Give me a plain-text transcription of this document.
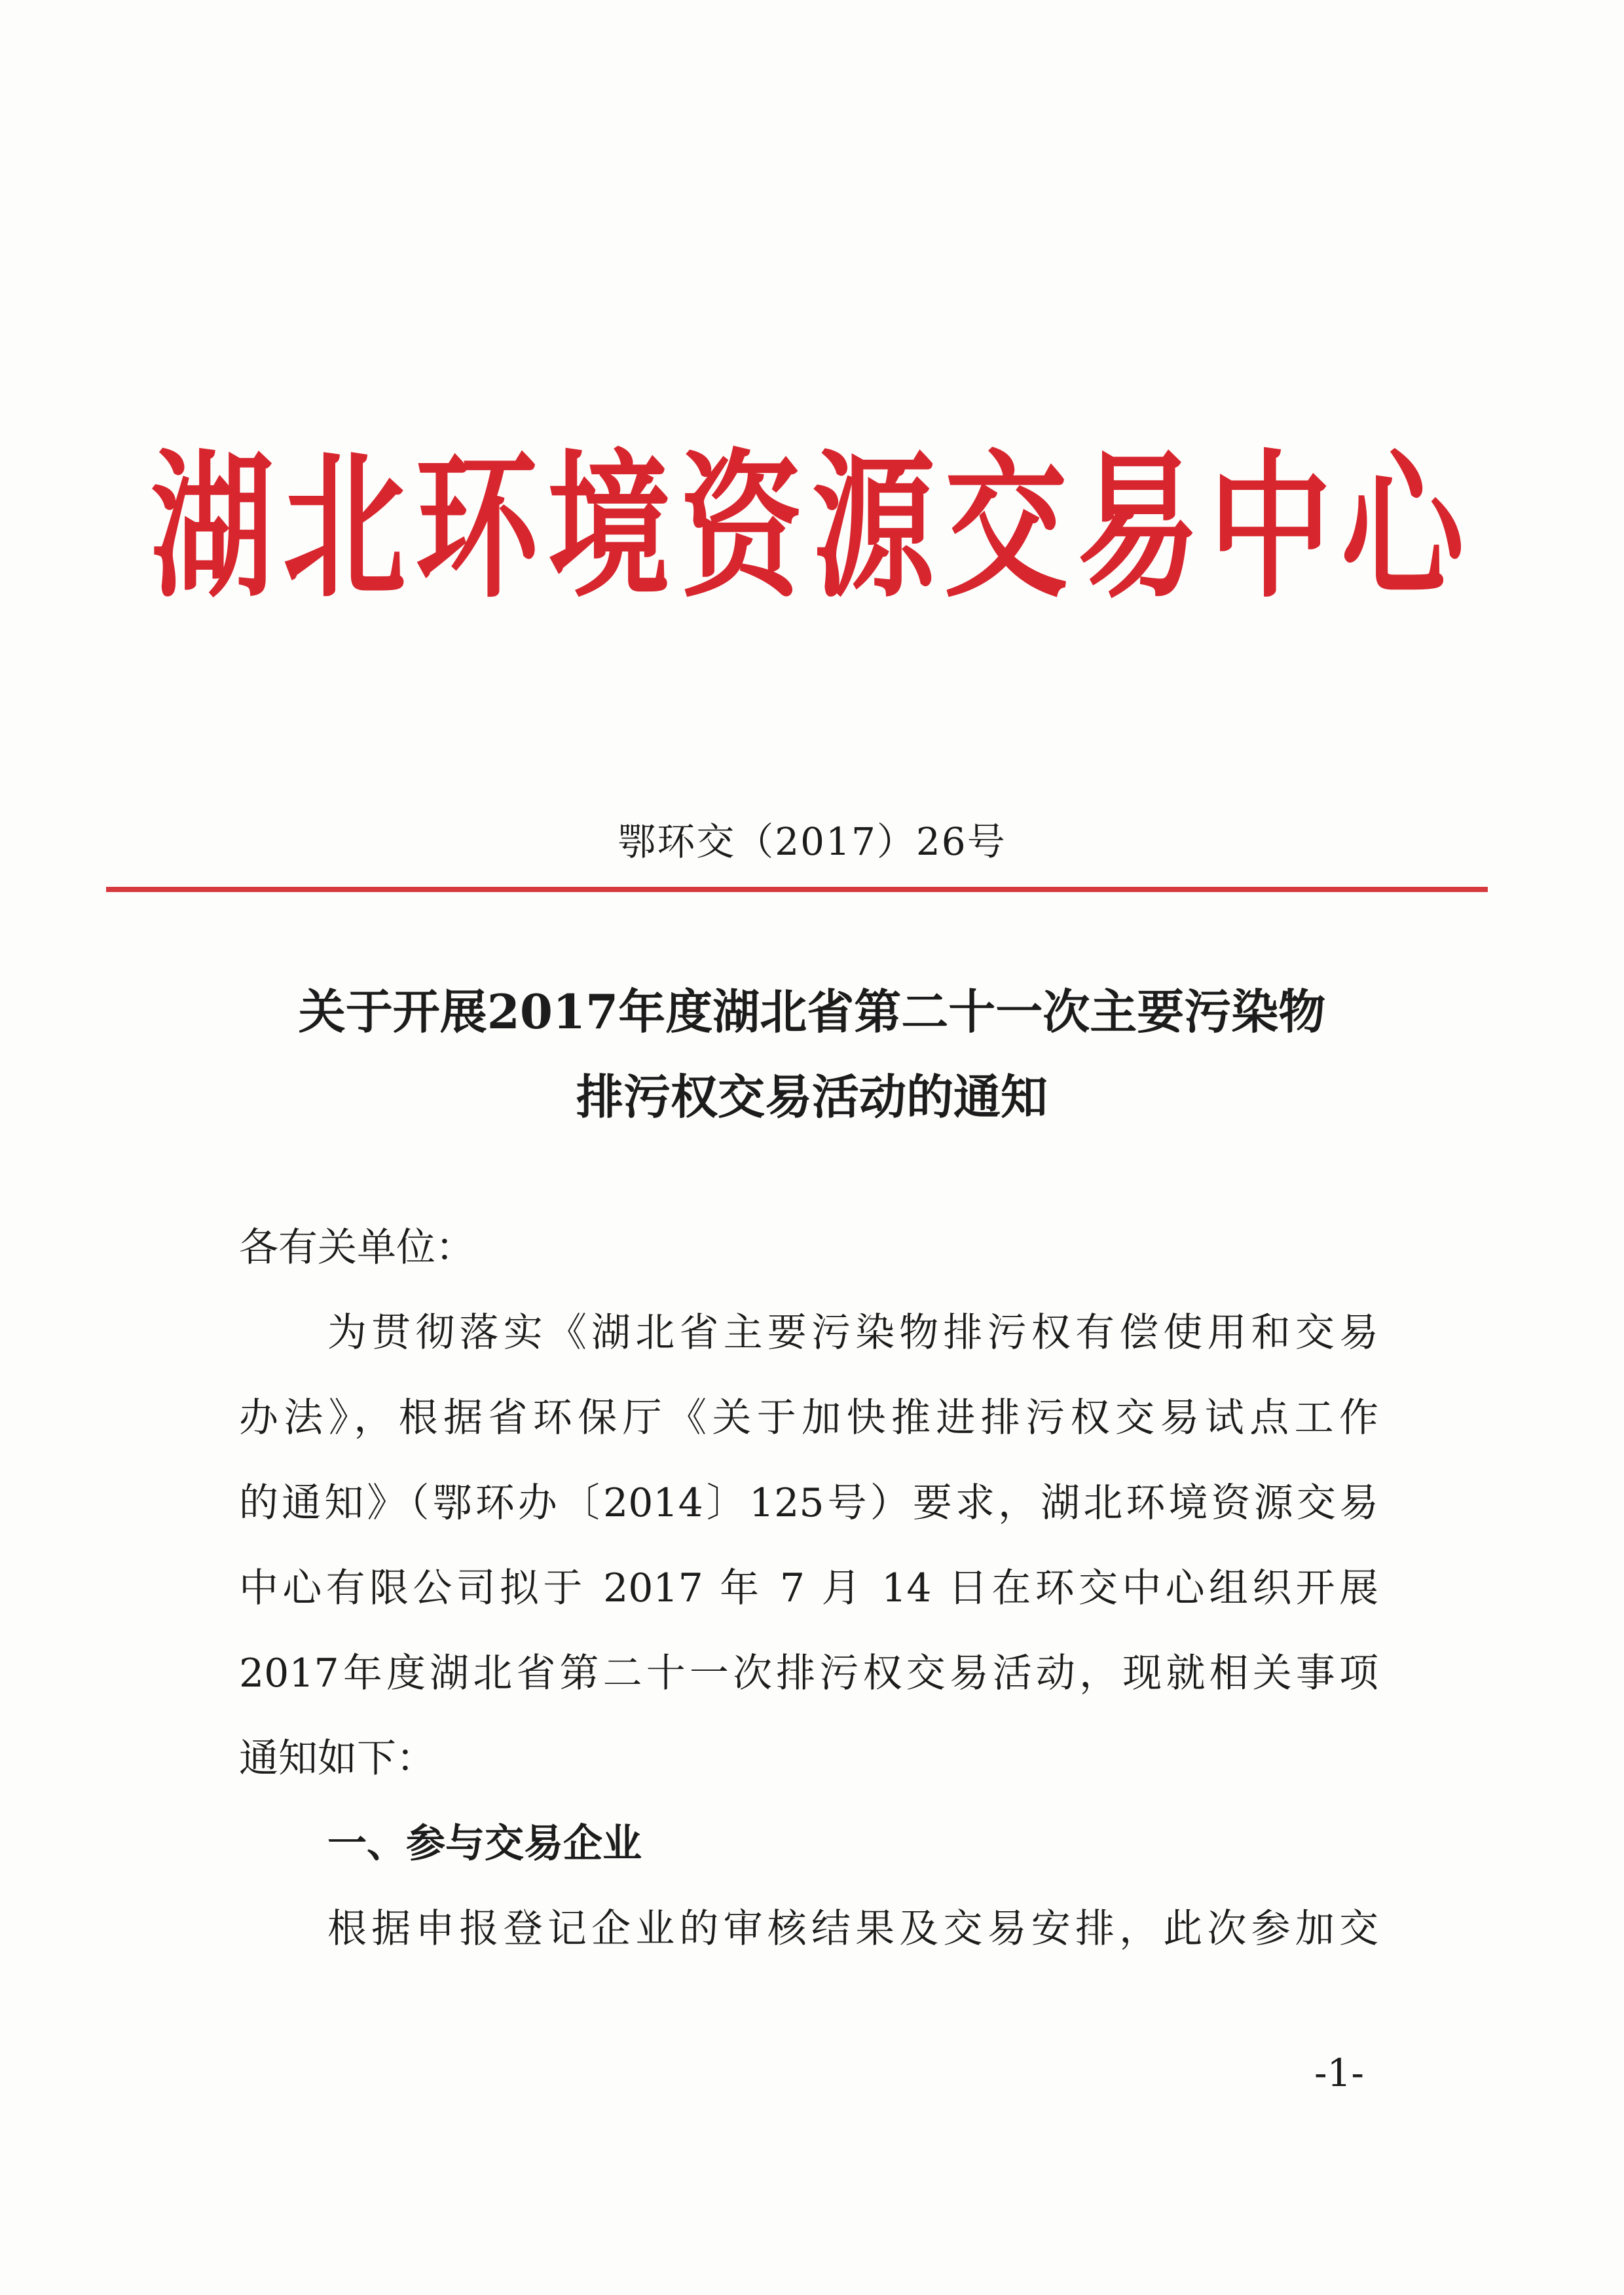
湖北环境资源交易中心
鄂环交（2017）26号
关于开展2017年度湖北省第二十一次主要污染物
排污权交易活动的通知
各有关单位：
为贯彻落实《湖北省主要污染物排污权有偿使用和交易
办法》，根据省环保厅《关于加快推进排污权交易试点工作
的通知》（鄂环办〔2014〕125号）要求，湖北环境资源交易
中心有限公司拟于 2017 年 7 月 14 日在环交中心组织开展
2017年度湖北省第二十一次排污权交易活动，现就相关事项
通知如下：
一、参与交易企业
根据申报登记企业的审核结果及交易安排，此次参加交
-1-
